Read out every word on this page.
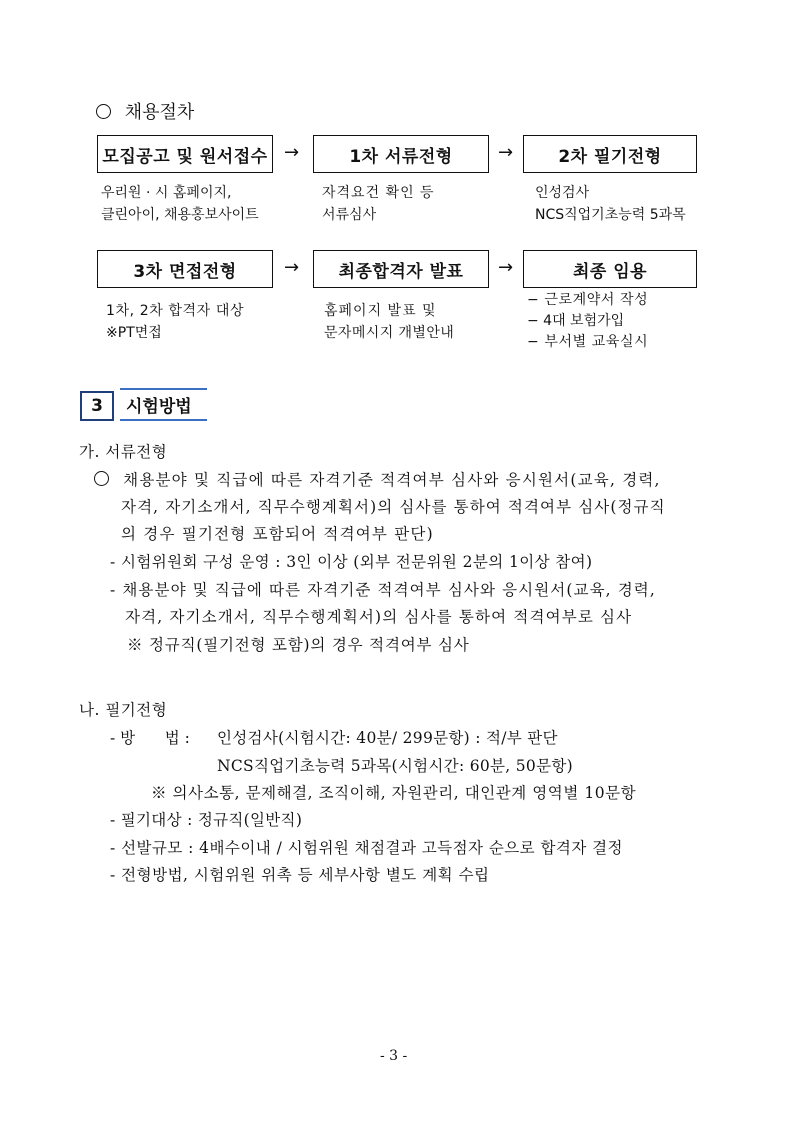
채용절차
모집공고 및 원서접수 →	1차 서류전형	→	2차 필기전형
우리원 · 시 홈페이지,
클린아이, 채용홍보사이트
자격요건 확인 등
서류심사
인성검사
NCS직업기초능력 5과목
3차 면접전형	→	최종합격자 발표	→	최종 임용
1차, 2차 합격자 대상
※PT면접
홈페이지 발표 및
문자메시지 개별안내
− 근로계약서 작성
− 4대 보험가입
− 부서별 교육실시
3	시험방법
가. 서류전형
채용분야 및 직급에 따른 자격기준 적격여부 심사와 응시원서(교육, 경력,
자격, 자기소개서, 직무수행계획서)의 심사를 통하여 적격여부 심사(정규직
의 경우 필기전형 포함되어 적격여부 판단)
- 시험위원회 구성 운영 : 3인 이상 (외부 전문위원 2분의 1이상 참여)
- 채용분야 및 직급에 따른 자격기준 적격여부 심사와 응시원서(교육, 경력,
자격, 자기소개서, 직무수행계획서)의 심사를 통하여 적격여부로 심사
※ 정규직(필기전형 포함)의 경우 적격여부 심사
나. 필기전형
- 방      법 : 인성검사(시험시간: 40분/ 299문항) : 적/부 판단
NCS직업기초능력 5과목(시험시간: 60분, 50문항)
※ 의사소통, 문제해결, 조직이해, 자원관리, 대인관계 영역별 10문항
- 필기대상 : 정규직(일반직)
- 선발규모 : 4배수이내 / 시험위원 채점결과 고득점자 순으로 합격자 결정
- 전형방법, 시험위원 위촉 등 세부사항 별도 계획 수립
- 3 -
